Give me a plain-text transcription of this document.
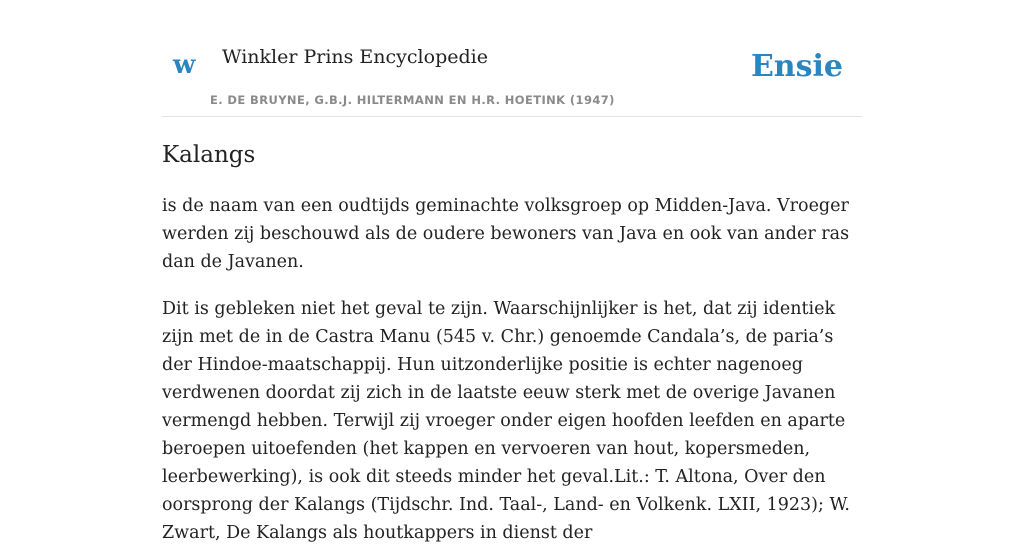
w Winkler Prins Encyclopedie
E. DE BRUYNE, G.B.J. HILTERMANN EN H.R. HOETINK (1947)
Ensie
Kalangs

is de naam van een oudtijds geminachte volksgroep op Midden-Java. Vroeger werden zij beschouwd als de oudere bewoners van Java en ook van ander ras dan de Javanen.

Dit is gebleken niet het geval te zijn. Waarschijnlijker is het, dat zij identiek zijn met de in de Castra Manu (545 v. Chr.) genoemde Candala’s, de paria’s der Hindoe-maatschappij. Hun uitzonderlijke positie is echter nagenoeg verdwenen doordat zij zich in de laatste eeuw sterk met de overige Javanen vermengd hebben. Terwijl zij vroeger onder eigen hoofden leefden en aparte beroepen uitoefenden (het kappen en vervoeren van hout, kopersmeden, leerbewerking), is ook dit steeds minder het geval.Lit.: T. Altona, Over den oorsprong der Kalangs (Tijdschr. Ind. Taal-, Land- en Volkenk. LXII, 1923); W. Zwart, De Kalangs als houtkappers in dienst der
